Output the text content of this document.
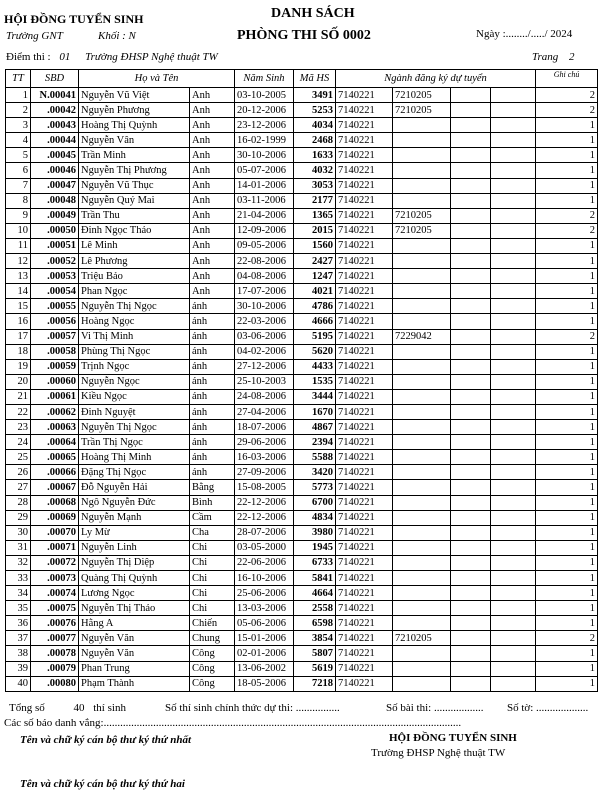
HỘI ĐỒNG TUYỂN SINH
Trường GNT	Khối : N
DANH SÁCH
PHÒNG THI SỐ 0002	Ngày :......../...../ 2024
Điểm thi : 01 Trường ĐHSP Nghệ thuật TW	Trang 2
TT	SBD	Họ và Tên		Năm Sinh	Mã HS	Ngành đăng ký dự tuyển				Ghi chú
1	N.00041	Nguyễn Vũ Việt	Anh	03-10-2005	3491	7140221	7210205			2
2	.00042	Nguyễn Phương	Anh	20-12-2006	5253	7140221	7210205			2
3	.00043	Hoàng Thị Quỳnh	Anh	23-12-2006	4034	7140221				1
4	.00044	Nguyễn Vân	Anh	16-02-1999	2468	7140221				1
5	.00045	Trần Minh	Anh	30-10-2006	1633	7140221				1
6	.00046	Nguyễn Thị Phương	Anh	05-07-2006	4032	7140221				1
7	.00047	Nguyễn Vũ Thục	Anh	14-01-2006	3053	7140221				1
8	.00048	Nguyễn Quý Mai	Anh	03-11-2006	2177	7140221				1
9	.00049	Trần Thu	Anh	21-04-2006	1365	7140221	7210205			2
10	.00050	Đinh Ngọc Thảo	Anh	12-09-2006	2015	7140221	7210205			2
11	.00051	Lê Minh	Anh	09-05-2006	1560	7140221				1
12	.00052	Lê Phương	Anh	22-08-2006	2427	7140221				1
13	.00053	Triệu Bảo	Anh	04-08-2006	1247	7140221				1
14	.00054	Phan Ngọc	Anh	17-07-2006	4021	7140221				1
15	.00055	Nguyễn Thị Ngọc	ánh	30-10-2006	4786	7140221				1
16	.00056	Hoàng Ngọc	ánh	22-03-2006	4666	7140221				1
17	.00057	Vi Thị Minh	ánh	03-06-2006	5195	7140221	7229042			2
18	.00058	Phùng Thị Ngọc	ánh	04-02-2006	5620	7140221				1
19	.00059	Trịnh Ngọc	ánh	27-12-2006	4433	7140221				1
20	.00060	Nguyễn Ngọc	ánh	25-10-2003	1535	7140221				1
21	.00061	Kiều Ngọc	ánh	24-08-2006	3444	7140221				1
22	.00062	Đinh Nguyệt	ánh	27-04-2006	1670	7140221				1
23	.00063	Nguyễn Thị Ngọc	ánh	18-07-2006	4867	7140221				1
24	.00064	Trần Thị Ngọc	ánh	29-06-2006	2394	7140221				1
25	.00065	Hoàng Thị Minh	ánh	16-03-2006	5588	7140221				1
26	.00066	Đặng Thị Ngọc	ánh	27-09-2006	3420	7140221				1
27	.00067	Đỗ Nguyễn Hải	Bằng	15-08-2005	5773	7140221				1
28	.00068	Ngô Nguyễn Đức	Bình	22-12-2006	6700	7140221				1
29	.00069	Nguyễn Mạnh	Cầm	22-12-2006	4834	7140221				1
30	.00070	Ly Mừ	Cha	28-07-2006	3980	7140221				1
31	.00071	Nguyễn Linh	Chi	03-05-2000	1945	7140221				1
32	.00072	Nguyễn Thị Diệp	Chi	22-06-2006	6733	7140221				1
33	.00073	Quàng Thị Quỳnh	Chi	16-10-2006	5841	7140221				1
34	.00074	Lương Ngọc	Chi	25-06-2006	4664	7140221				1
35	.00075	Nguyễn Thị Thảo	Chi	13-03-2006	2558	7140221				1
36	.00076	Hằng A	Chiến	05-06-2006	6598	7140221				1
37	.00077	Nguyễn Văn	Chung	15-01-2006	3854	7140221	7210205			2
38	.00078	Nguyễn Văn	Công	02-01-2006	5807	7140221				1
39	.00079	Phan Trung	Công	13-06-2002	5619	7140221				1
40	.00080	Phạm Thành	Công	18-05-2006	7218	7140221				1
Tổng số	40 thí sinh	Số thí sinh chính thức dự thi: ................	Số bài thi: .................. Số tờ: ...................
Các số báo danh vắng:..................................................................................................................................
Tên và chữ ký cán bộ thư ký thứ nhất	HỘI ĐỒNG TUYỂN SINH
Trường ĐHSP Nghệ thuật TW
Tên và chữ ký cán bộ thư ký thứ hai
